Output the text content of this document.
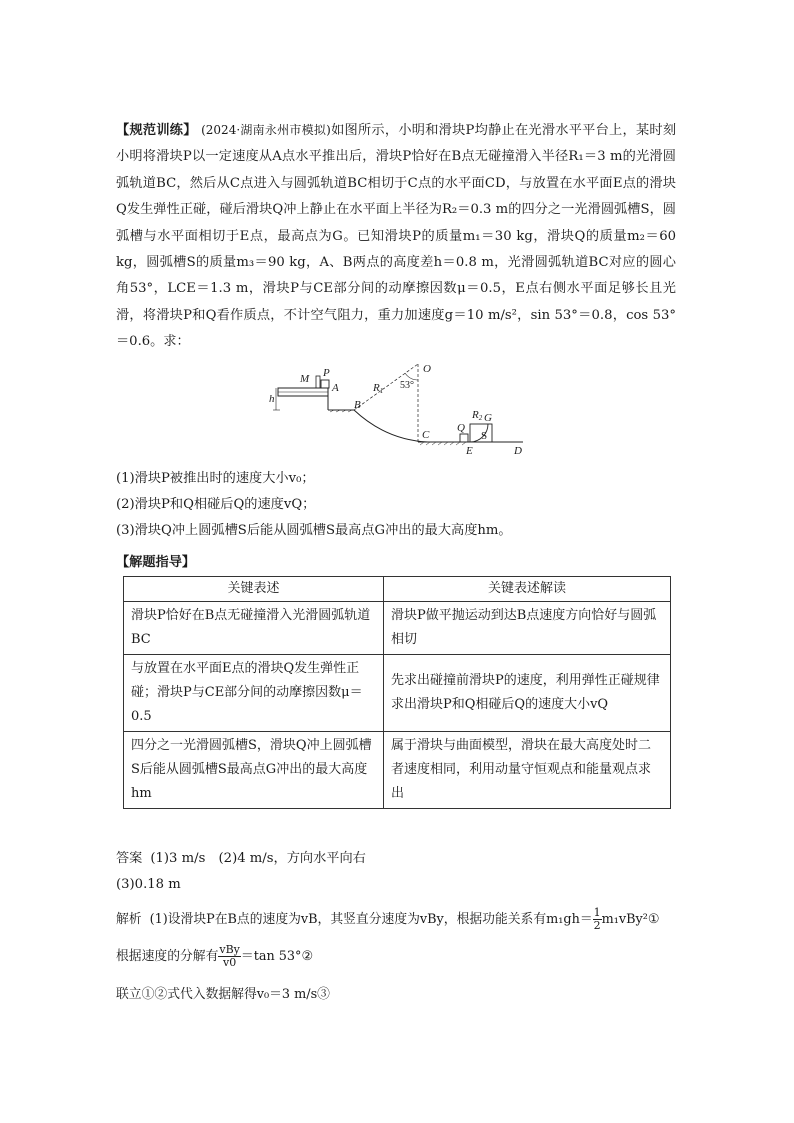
【规范训练】 (2024·湖南永州市模拟)如图所示，小明和滑块P均静止在光滑水平平台上，某时刻小明将滑块P以一定速度从A点水平推出后，滑块P恰好在B点无碰撞滑入半径R₁＝3 m的光滑圆弧轨道BC，然后从C点进入与圆弧轨道BC相切于C点的水平面CD，与放置在水平面E点的滑块Q发生弹性正碰，碰后滑块Q冲上静止在水平面上半径为R₂＝0.3 m的四分之一光滑圆弧槽S，圆弧槽与水平面相切于E点，最高点为G。已知滑块P的质量m₁＝30 kg，滑块Q的质量m₂＝60 kg，圆弧槽S的质量m₃＝90 kg，A、B两点的高度差h＝0.8 m，光滑圆弧轨道BC对应的圆心角53°，LCE＝1.3 m，滑块P与CE部分间的动摩擦因数μ＝0.5，E点右侧水平面足够长且光滑，将滑块P和Q看作质点，不计空气阻力，重力加速度g＝10 m/s²，sin 53°＝0.8，cos 53°＝0.6。求：

M P
A
h	B
R1
O
53°
C
Q
R2 G
S
E	D

(1)滑块P被推出时的速度大小v₀；

(2)滑块P和Q相碰后Q的速度vQ；

(3)滑块Q冲上圆弧槽S后能从圆弧槽S最高点G冲出的最大高度hm。

【解题指导】

关键表述	关键表述解读
滑块P恰好在B点无碰撞滑入光滑圆弧轨道BC	滑块P做平抛运动到达B点速度方向恰好与圆弧相切
与放置在水平面E点的滑块Q发生弹性正碰；滑块P与CE部分间的动摩擦因数μ＝0.5	先求出碰撞前滑块P的速度，利用弹性正碰规律求出滑块P和Q相碰后Q的速度大小vQ
四分之一光滑圆弧槽S，滑块Q冲上圆弧槽S后能从圆弧槽S最高点G冲出的最大高度hm	属于滑块与曲面模型，滑块在最大高度处时二者速度相同，利用动量守恒观点和能量观点求出

答案 (1)3 m/s　(2)4 m/s，方向水平向右

(3)0.18 m

解析 (1)设滑块P在B点的速度为vB，其竖直分速度为vBy，根据功能关系有$m_1gh= \frac{1}{2}$ m₁vBy²①

根据速度的分解有 $\frac{\text{vBy}}{v0} =\tan$ 53°②

联立①②式代入数据解得v₀＝3 m/s③
